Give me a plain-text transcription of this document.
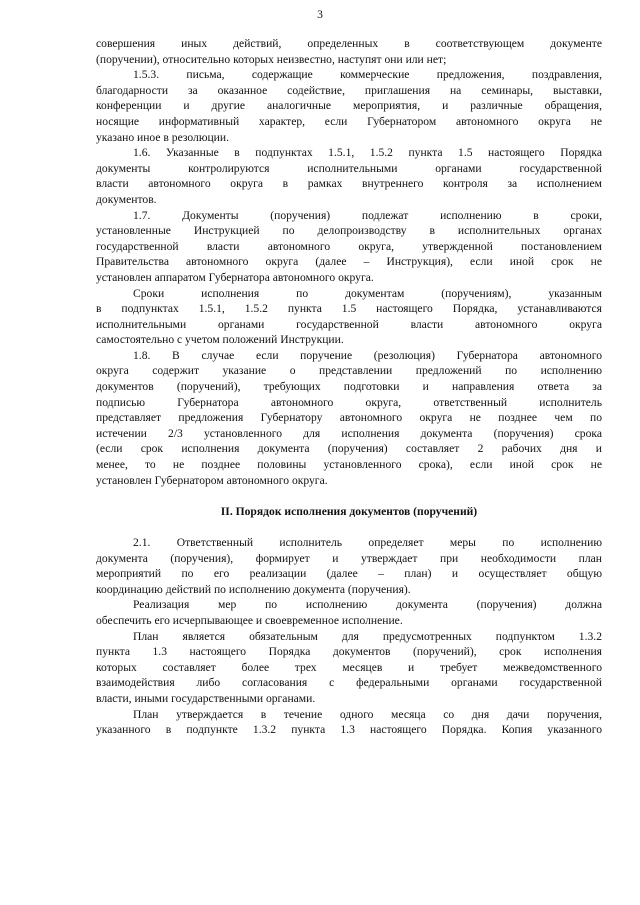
3
совершения иных действий, определенных в соответствующем документе
(поручении), относительно которых неизвестно, наступят они или нет;
1.5.3. письма, содержащие коммерческие предложения, поздравления,
благодарности за оказанное содействие, приглашения на семинары, выставки,
конференции и другие аналогичные мероприятия, и различные обращения,
носящие информативный характер, если Губернатором автономного округа не
указано иное в резолюции.
1.6. Указанные в подпунктах 1.5.1, 1.5.2 пункта 1.5 настоящего Порядка
документы контролируются исполнительными органами государственной
власти автономного округа в рамках внутреннего контроля за исполнением
документов.
1.7. Документы (поручения) подлежат исполнению в сроки,
установленные Инструкцией по делопроизводству в исполнительных органах
государственной власти автономного округа, утвержденной постановлением
Правительства автономного округа (далее – Инструкция), если иной срок не
установлен аппаратом Губернатора автономного округа.
Сроки исполнения по документам (поручениям), указанным
в подпунктах 1.5.1, 1.5.2 пункта 1.5 настоящего Порядка, устанавливаются
исполнительными органами государственной власти автономного округа
самостоятельно с учетом положений Инструкции.
1.8. В случае если поручение (резолюция) Губернатора автономного
округа содержит указание о представлении предложений по исполнению
документов (поручений), требующих подготовки и направления ответа за
подписью Губернатора автономного округа, ответственный исполнитель
представляет предложения Губернатору автономного округа не позднее чем по
истечении 2/3 установленного для исполнения документа (поручения) срока
(если срок исполнения документа (поручения) составляет 2 рабочих дня и
менее, то не позднее половины установленного срока), если иной срок не
установлен Губернатором автономного округа.
II. Порядок исполнения документов (поручений)
2.1. Ответственный исполнитель определяет меры по исполнению
документа (поручения), формирует и утверждает при необходимости план
мероприятий по его реализации (далее – план) и осуществляет общую
координацию действий по исполнению документа (поручения).
Реализация мер по исполнению документа (поручения) должна
обеспечить его исчерпывающее и своевременное исполнение.
План является обязательным для предусмотренных подпунктом 1.3.2
пункта 1.3 настоящего Порядка документов (поручений), срок исполнения
которых составляет более трех месяцев и требует межведомственного
взаимодействия либо согласования с федеральными органами государственной
власти, иными государственными органами.
План утверждается в течение одного месяца со дня дачи поручения,
указанного в подпункте 1.3.2 пункта 1.3 настоящего Порядка. Копия указанного
